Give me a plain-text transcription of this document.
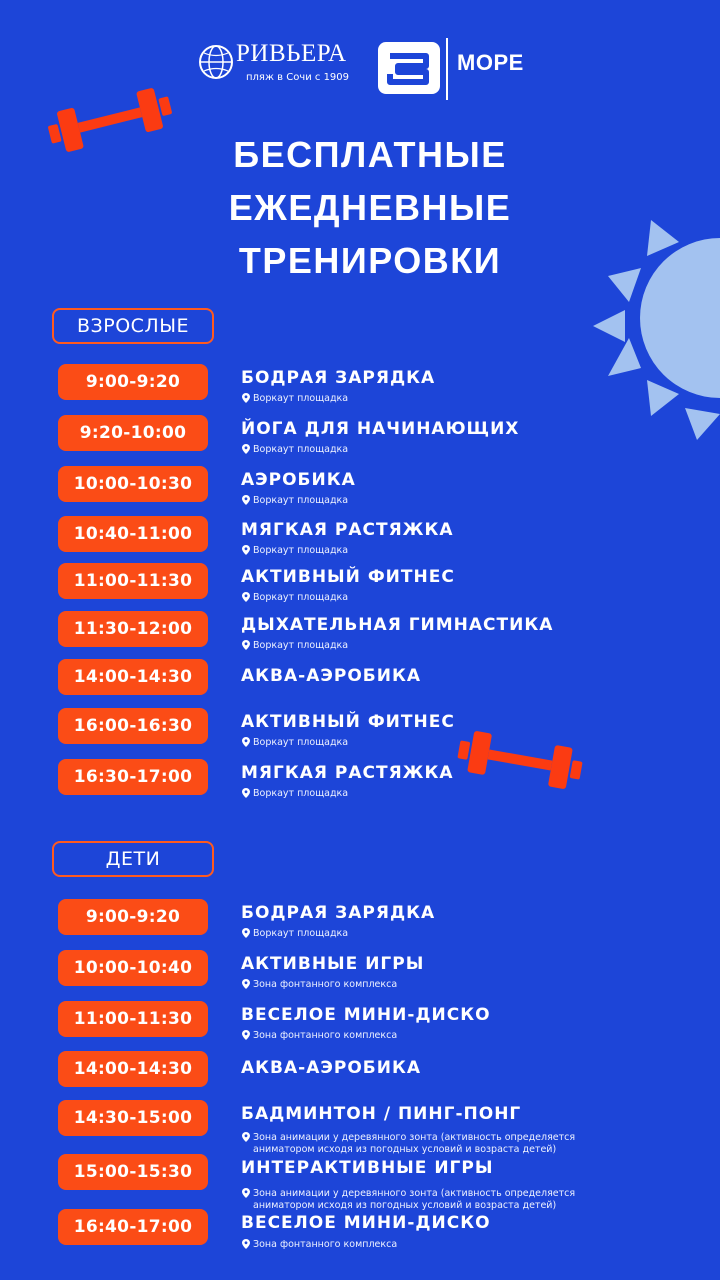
РИВЬЕРА
пляж в Сочи с 1909
МОРЕ
БЕСПЛАТНЫЕ
ЕЖЕДНЕВНЫЕ
ТРЕНИРОВКИ
ВЗРОСЛЫЕ
9:00-9:20	БОДРАЯ ЗАРЯДКА
Воркаут площадка
9:20-10:00	ЙОГА ДЛЯ НАЧИНАЮЩИХ
Воркаут площадка
10:00-10:30	АЭРОБИКА
Воркаут площадка
10:40-11:00	МЯГКАЯ РАСТЯЖКА
Воркаут площадка
11:00-11:30	АКТИВНЫЙ ФИТНЕС
Воркаут площадка
11:30-12:00	ДЫХАТЕЛЬНАЯ ГИМНАСТИКА
Воркаут площадка
14:00-14:30	АКВА-АЭРОБИКА
16:00-16:30	АКТИВНЫЙ ФИТНЕС
Воркаут площадка
16:30-17:00	МЯГКАЯ РАСТЯЖКА
Воркаут площадка
ДЕТИ
9:00-9:20	БОДРАЯ ЗАРЯДКА
Воркаут площадка
10:00-10:40	АКТИВНЫЕ ИГРЫ
Зона фонтанного комплекса
11:00-11:30	ВЕСЕЛОЕ МИНИ-ДИСКО
Зона фонтанного комплекса
14:00-14:30	АКВА-АЭРОБИКА
14:30-15:00	БАДМИНТОН / ПИНГ-ПОНГ
Зона анимации у деревянного зонта (активность определяется
аниматором исходя из погодных условий и возраста детей)
15:00-15:30	ИНТЕРАКТИВНЫЕ ИГРЫ
Зона анимации у деревянного зонта (активность определяется
аниматором исходя из погодных условий и возраста детей)
16:40-17:00	ВЕСЕЛОЕ МИНИ-ДИСКО
Зона фонтанного комплекса
